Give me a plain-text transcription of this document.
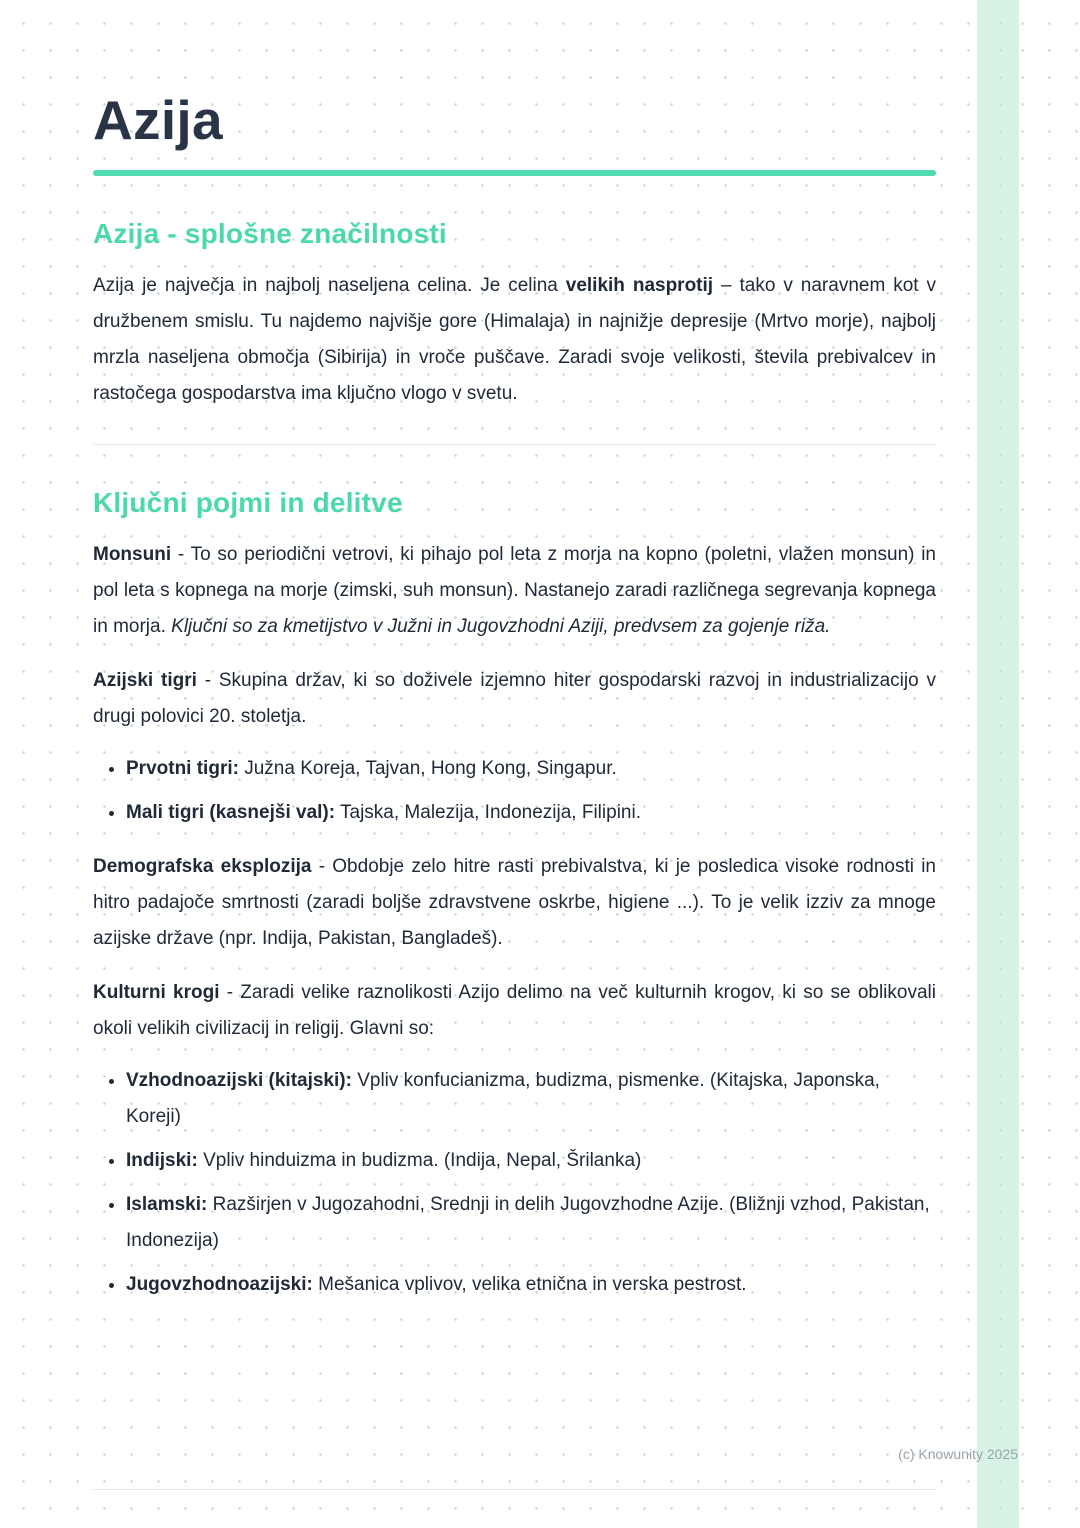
Azija
Azija - splošne značilnosti

Azija je največja in najbolj naseljena celina. Je celina velikih nasprotij – tako v naravnem kot v družbenem smislu. Tu najdemo najvišje gore (Himalaja) in najnižje depresije (Mrtvo morje), najbolj mrzla naseljena območja (Sibirija) in vroče puščave. Zaradi svoje velikosti, števila prebivalcev in rastočega gospodarstva ima ključno vlogo v svetu.

Ključni pojmi in delitve

Monsuni - To so periodični vetrovi, ki pihajo pol leta z morja na kopno (poletni, vlažen monsun) in pol leta s kopnega na morje (zimski, suh monsun). Nastanejo zaradi različnega segrevanja kopnega in morja. Ključni so za kmetijstvo v Južni in Jugovzhodni Aziji, predvsem za gojenje riža.

Azijski tigri - Skupina držav, ki so doživele izjemno hiter gospodarski razvoj in industrializacijo v drugi polovici 20. stoletja.

• Prvotni tigri: Južna Koreja, Tajvan, Hong Kong, Singapur.
• Mali tigri (kasnejši val): Tajska, Malezija, Indonezija, Filipini.

Demografska eksplozija - Obdobje zelo hitre rasti prebivalstva, ki je posledica visoke rodnosti in hitro padajoče smrtnosti (zaradi boljše zdravstvene oskrbe, higiene ...). To je velik izziv za mnoge azijske države (npr. Indija, Pakistan, Bangladeš).

Kulturni krogi - Zaradi velike raznolikosti Azijo delimo na več kulturnih krogov, ki so se oblikovali okoli velikih civilizacij in religij. Glavni so:

• Vzhodnoazijski (kitajski): Vpliv konfucianizma, budizma, pismenke. (Kitajska, Japonska, Koreji)
• Indijski: Vpliv hinduizma in budizma. (Indija, Nepal, Šrilanka)
• Islamski: Razširjen v Jugozahodni, Srednji in delih Jugovzhodne Azije. (Bližnji vzhod, Pakistan, Indonezija)
• Jugovzhodnoazijski: Mešanica vplivov, velika etnična in verska pestrost.
(c) Knowunity 2025
